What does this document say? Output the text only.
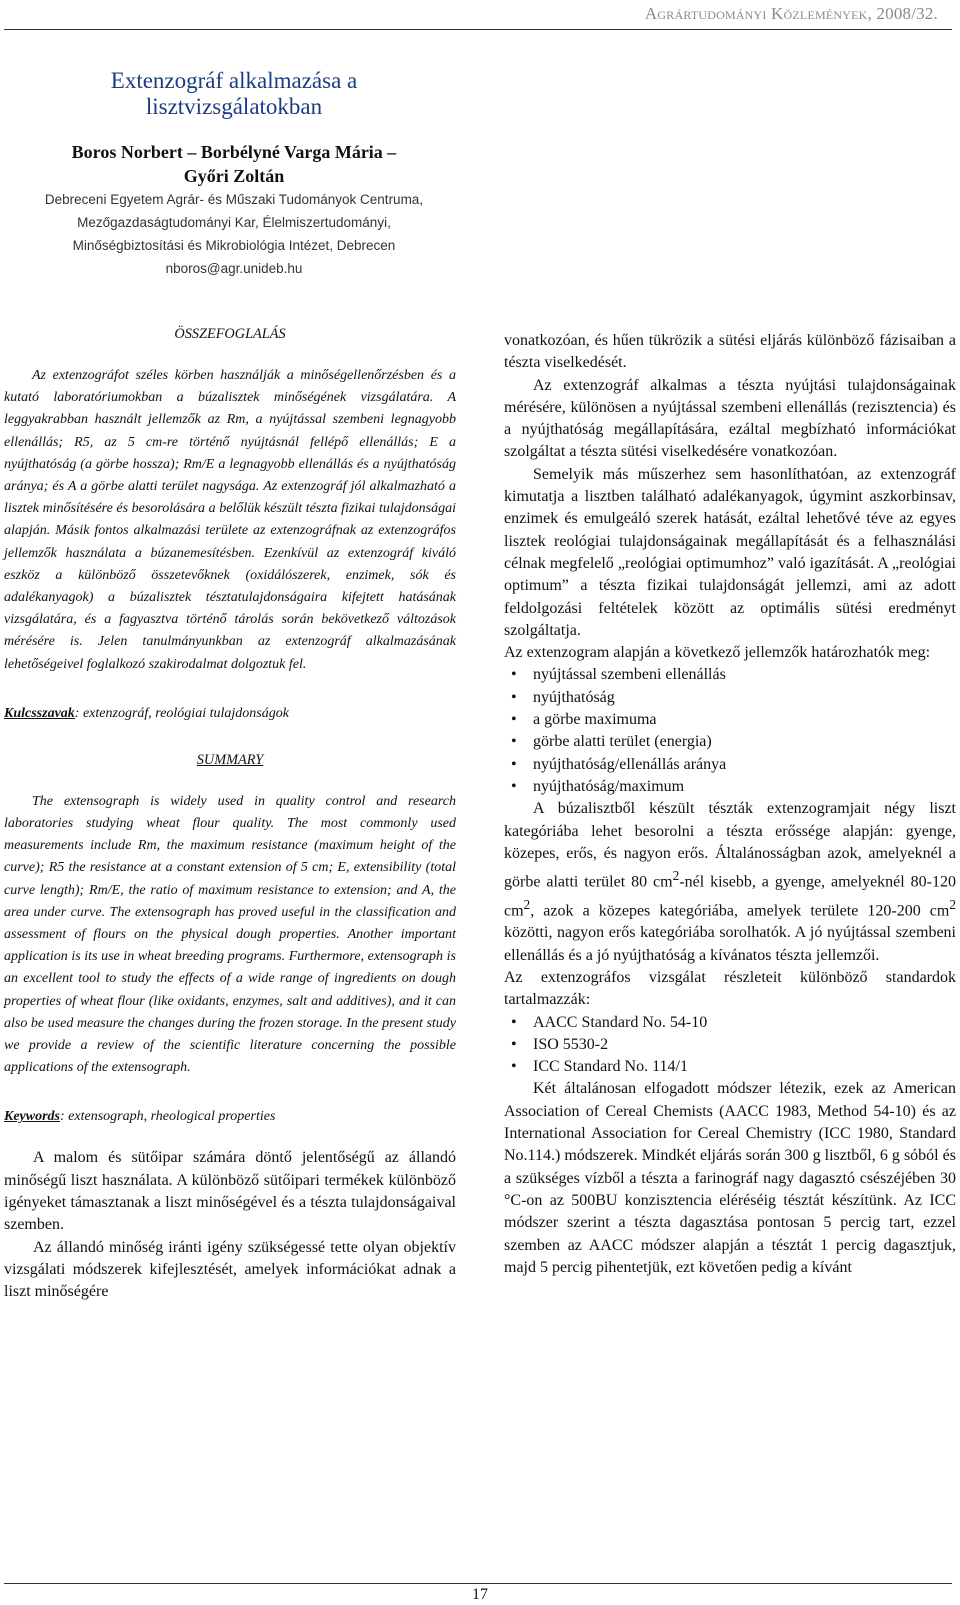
Agrártudományi Közlemények, 2008/32.
Extenzográf alkalmazása a
lisztvizsgálatokban
Boros Norbert – Borbélyné Varga Mária –
Győri Zoltán
Debreceni Egyetem Agrár- és Műszaki Tudományok Centruma,
Mezőgazdaságtudományi Kar, Élelmiszertudományi,
Minőségbiztosítási és Mikrobiológia Intézet, Debrecen
nboros@agr.unideb.hu

ÖSSZEFOGLALÁS

Az extenzográfot széles körben használják a minőségellenőrzésben és a kutató laboratóriumokban a búzalisztek minőségének vizsgálatára. A leggyakrabban használt jellemzők az Rm, a nyújtással szembeni legnagyobb ellenállás; R5, az 5 cm-re történő nyújtásnál fellépő ellenállás; E a nyújthatóság (a görbe hossza); Rm/E a legnagyobb ellenállás és a nyújthatóság aránya; és A a görbe alatti terület nagysága. Az extenzográf jól alkalmazható a lisztek minősítésére és besorolására a belőlük készült tészta fizikai tulajdonságai alapján. Másik fontos alkalmazási területe az extenzográfnak az extenzográfos jellemzők használata a búzanemesítésben. Ezenkívül az extenzográf kiváló eszköz a különböző összetevőknek (oxidálószerek, enzimek, sók és adalékanyagok) a búzalisztek tésztatulajdonságaira kifejtett hatásának vizsgálatára, és a fagyasztva történő tárolás során bekövetkező változások mérésére is. Jelen tanulmányunkban az extenzográf alkalmazásának lehetőségeivel foglalkozó szakirodalmat dolgoztuk fel.

Kulcsszavak: extenzográf, reológiai tulajdonságok

SUMMARY

The extensograph is widely used in quality control and research laboratories studying wheat flour quality. The most commonly used measurements include Rm, the maximum resistance (maximum height of the curve); R5 the resistance at a constant extension of 5 cm; E, extensibility (total curve length); Rm/E, the ratio of maximum resistance to extension; and A, the area under curve. The extensograph has proved useful in the classification and assessment of flours on the physical dough properties. Another important application is its use in wheat breeding programs. Furthermore, extensograph is an excellent tool to study the effects of a wide range of ingredients on dough properties of wheat flour (like oxidants, enzymes, salt and additives), and it can also be used measure the changes during the frozen storage. In the present study we provide a review of the scientific literature concerning the possible applications of the extensograph.

Keywords: extensograph, rheological properties

A malom és sütőipar számára döntő jelentőségű az állandó minőségű liszt használata. A különböző sütőipari termékek különböző igényeket támasztanak a liszt minőségével és a tészta tulajdonságaival szemben.

Az állandó minőség iránti igény szükségessé tette olyan objektív vizsgálati módszerek kifejlesztését, amelyek információkat adnak a liszt minőségére

vonatkozóan, és hűen tükrözik a sütési eljárás különböző fázisaiban a tészta viselkedését.

Az extenzográf alkalmas a tészta nyújtási tulajdonságainak mérésére, különösen a nyújtással szembeni ellenállás (rezisztencia) és a nyújthatóság megállapítására, ezáltal megbízható információkat szolgáltat a tészta sütési viselkedésére vonatkozóan.

Semelyik más műszerhez sem hasonlíthatóan, az extenzográf kimutatja a lisztben található adalékanyagok, úgymint aszkorbinsav, enzimek és emulgeáló szerek hatását, ezáltal lehetővé téve az egyes lisztek reológiai tulajdonságainak megállapítását és a felhasználási célnak megfelelő „reológiai optimumhoz” való igazítását. A „reológiai optimum” a tészta fizikai tulajdonságát jellemzi, ami az adott feldolgozási feltételek között az optimális sütési eredményt szolgáltatja.

Az extenzogram alapján a következő jellemzők határozhatók meg:

• nyújtással szembeni ellenállás
• nyújthatóság
• a görbe maximuma
• görbe alatti terület (energia)
• nyújthatóság/ellenállás aránya
• nyújthatóság/maximum

A búzalisztből készült tészták extenzogramjait négy liszt kategóriába lehet besorolni a tészta erőssége alapján: gyenge, közepes, erős, és nagyon erős. Általánosságban azok, amelyeknél a görbe alatti terület 80 $cm^2$-nél kisebb, a gyenge, amelyeknél 80-120 $cm^2$, azok a közepes kategóriába, amelyek területe 120-200 $cm^2$ közötti, nagyon erős kategóriába sorolhatók. A jó nyújtással szembeni ellenállás és a jó nyújthatóság a kívánatos tészta jellemzői.

Az extenzográfos vizsgálat részleteit különböző standardok tartalmazzák:

• AACC Standard No. 54-10
• ISO 5530-2
• ICC Standard No. 114/1

Két általánosan elfogadott módszer létezik, ezek az American Association of Cereal Chemists (AACC 1983, Method 54-10) és az International Association for Cereal Chemistry (ICC 1980, Standard No.114.) módszerek. Mindkét eljárás során 300 g lisztből, 6 g sóból és a szükséges vízből a tészta a farinográf nagy dagasztó csészéjében 30 °C-on az 500BU konzisztencia eléréséig tésztát készítünk. Az ICC módszer szerint a tészta dagasztása pontosan 5 percig tart, ezzel szemben az AACC módszer alapján a tésztát 1 percig dagasztjuk, majd 5 percig pihentetjük, ezt követően pedig a kívánt

17
